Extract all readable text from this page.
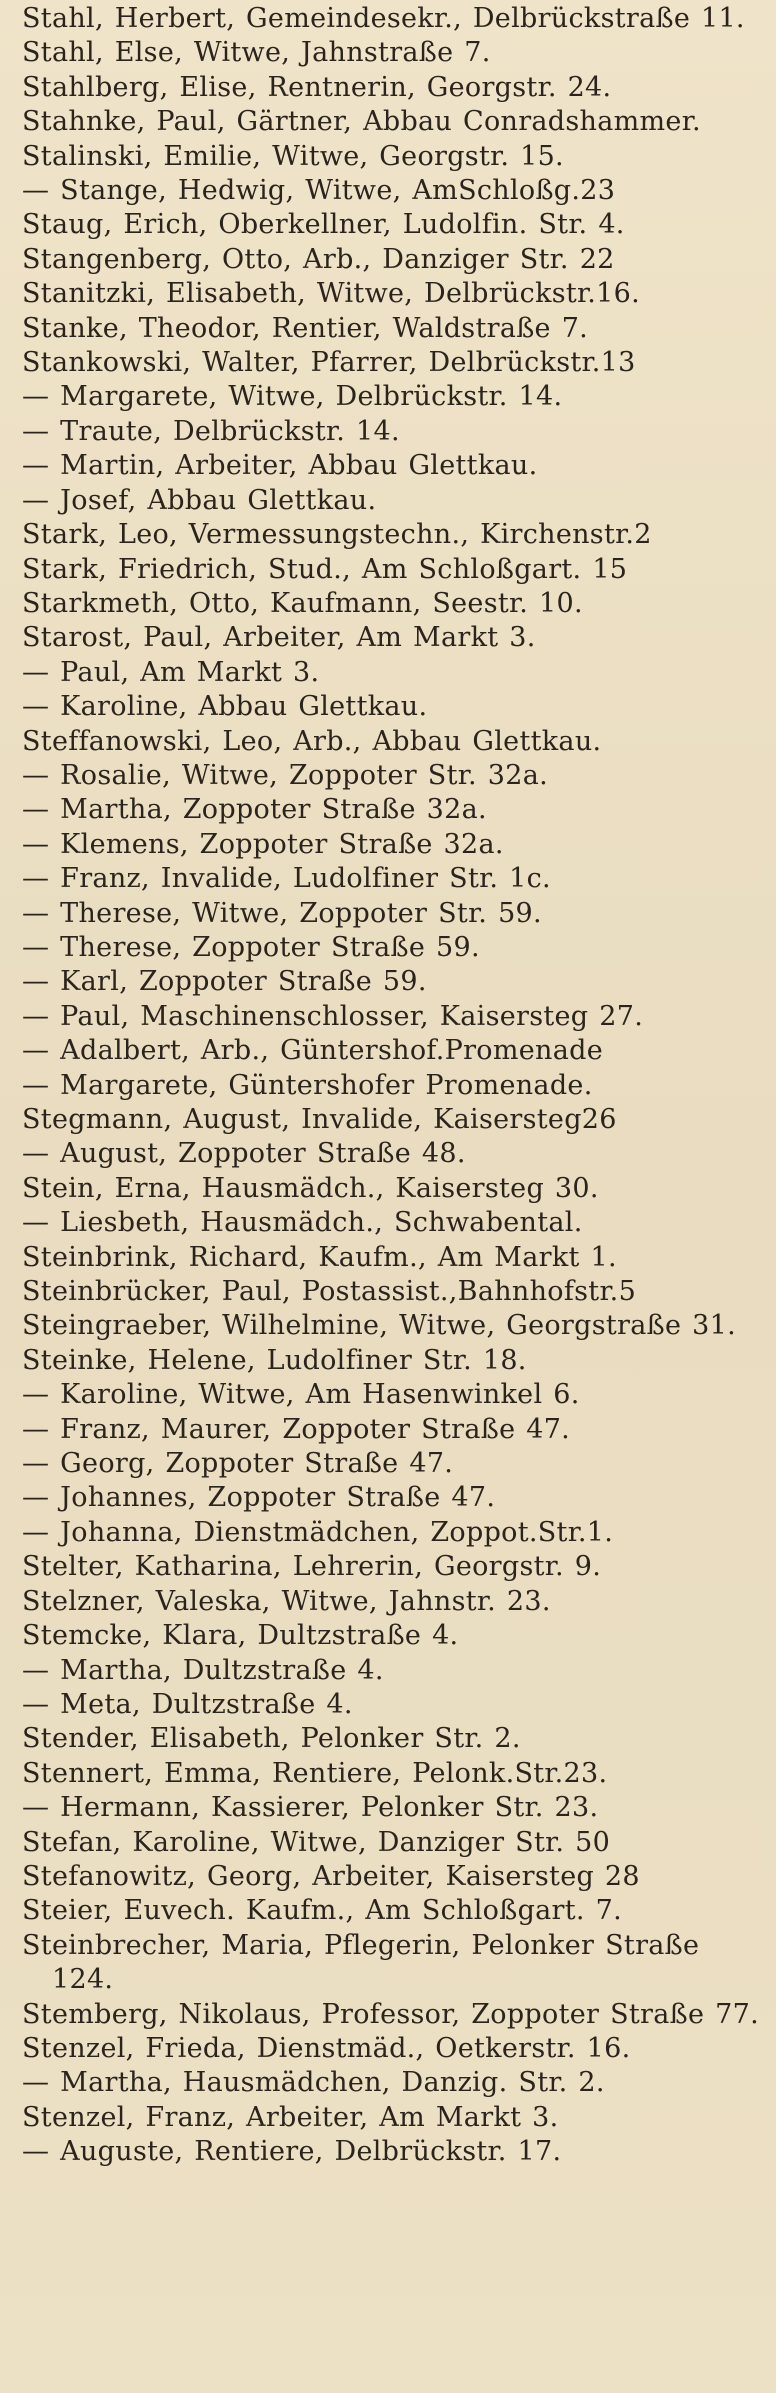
Stahl, Herbert, Gemeindesekr., Delbrückstraße 11.
Stahl, Else, Witwe, Jahnstraße 7.
Stahlberg, Elise, Rentnerin, Georgstr. 24.
Stahnke, Paul, Gärtner, Abbau Conradshammer.
Stalinski, Emilie, Witwe, Georgstr. 15.
— Stange, Hedwig, Witwe, AmSchloßg.23
Staug, Erich, Oberkellner, Ludolfin. Str. 4.
Stangenberg, Otto, Arb., Danziger Str. 22
Stanitzki, Elisabeth, Witwe, Delbrückstr.16.
Stanke, Theodor, Rentier, Waldstraße 7.
Stankowski, Walter, Pfarrer, Delbrückstr.13
— Margarete, Witwe, Delbrückstr. 14.
— Traute, Delbrückstr. 14.
— Martin, Arbeiter, Abbau Glettkau.
— Josef, Abbau Glettkau.
Stark, Leo, Vermessungstechn., Kirchenstr.2
Stark, Friedrich, Stud., Am Schloßgart. 15
Starkmeth, Otto, Kaufmann, Seestr. 10.
Starost, Paul, Arbeiter, Am Markt 3.
— Paul, Am Markt 3.
— Karoline, Abbau Glettkau.
Steffanowski, Leo, Arb., Abbau Glettkau.
— Rosalie, Witwe, Zoppoter Str. 32a.
— Martha, Zoppoter Straße 32a.
— Klemens, Zoppoter Straße 32a.
— Franz, Invalide, Ludolfiner Str. 1c.
— Therese, Witwe, Zoppoter Str. 59.
— Therese, Zoppoter Straße 59.
— Karl, Zoppoter Straße 59.
— Paul, Maschinenschlosser, Kaisersteg 27.
— Adalbert, Arb., Güntershof.Promenade
— Margarete, Güntershofer Promenade.
Stegmann, August, Invalide, Kaisersteg26
— August, Zoppoter Straße 48.
Stein, Erna, Hausmädch., Kaisersteg 30.
— Liesbeth, Hausmädch., Schwabental.
Steinbrink, Richard, Kaufm., Am Markt 1.
Steinbrücker, Paul, Postassist.,Bahnhofstr.5
Steingraeber, Wilhelmine, Witwe, Georgstraße 31.
Steinke, Helene, Ludolfiner Str. 18.
— Karoline, Witwe, Am Hasenwinkel 6.
— Franz, Maurer, Zoppoter Straße 47.
— Georg, Zoppoter Straße 47.
— Johannes, Zoppoter Straße 47.
— Johanna, Dienstmädchen, Zoppot.Str.1.
Stelter, Katharina, Lehrerin, Georgstr. 9.
Stelzner, Valeska, Witwe, Jahnstr. 23.
Stemcke, Klara, Dultzstraße 4.
— Martha, Dultzstraße 4.
— Meta, Dultzstraße 4.
Stender, Elisabeth, Pelonker Str. 2.
Stennert, Emma, Rentiere, Pelonk.Str.23.
— Hermann, Kassierer, Pelonker Str. 23.
Stefan, Karoline, Witwe, Danziger Str. 50
Stefanowitz, Georg, Arbeiter, Kaisersteg 28
Steier, Euvech. Kaufm., Am Schloßgart. 7.
Steinbrecher, Maria, Pflegerin, Pelonker Straße 124.
Stemberg, Nikolaus, Professor, Zoppoter Straße 77.
Stenzel, Frieda, Dienstmäd., Oetkerstr. 16.
— Martha, Hausmädchen, Danzig. Str. 2.
Stenzel, Franz, Arbeiter, Am Markt 3.
— Auguste, Rentiere, Delbrückstr. 17.
